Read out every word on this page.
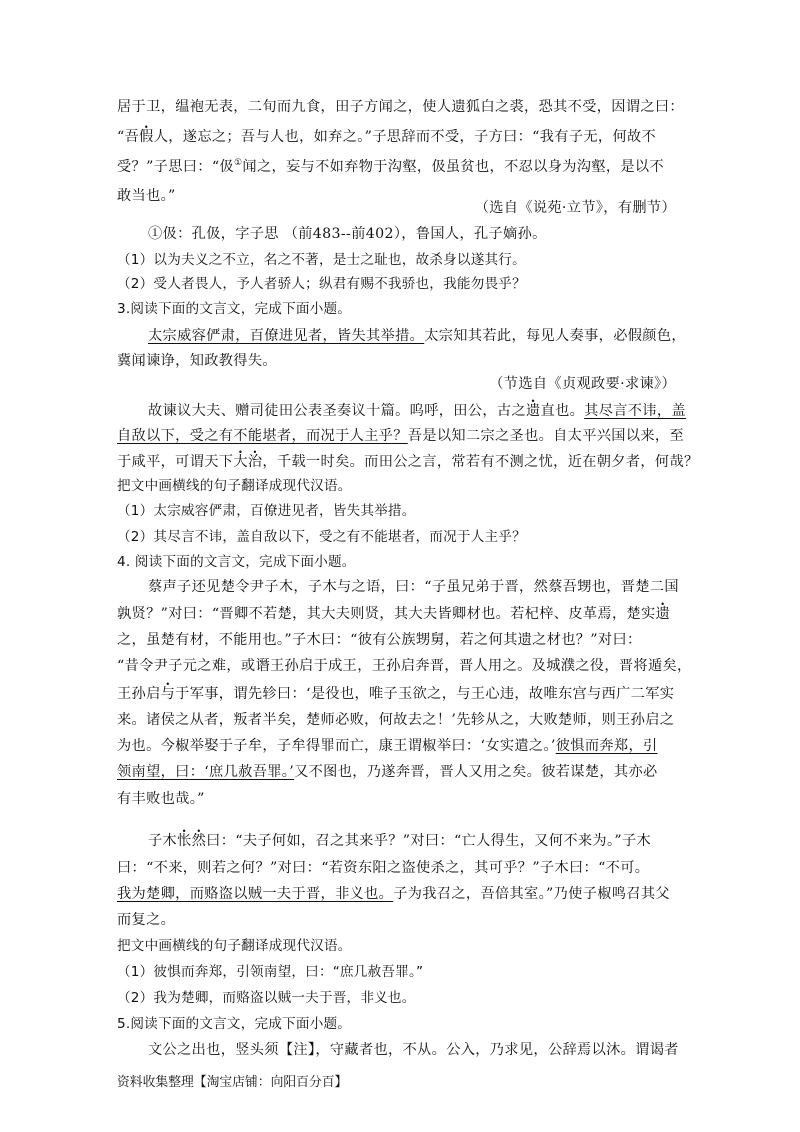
居于卫，缊袍无表，二旬而九食，田子方闻之，使人遗狐白之裘，恐其不受，因谓之曰：
“吾假人，遂忘之；吾与人也，如弃之。”子思辞而不受，子方曰：“我有子无，何故不
受？”子思曰：“伋①闻之，妄与不如弃物于沟壑，伋虽贫也，不忍以身为沟壑，是以不
敢当也。”
（选自《说苑·立节》，有删节）
①伋：孔伋，字子思 （前483--前402），鲁国人，孔子嫡孙。
（1）以为夫义之不立，名之不著，是士之耻也，故杀身以遂其行。
（2）受人者畏人，予人者骄人；纵君有赐不我骄也，我能勿畏乎？
3.阅读下面的文言文，完成下面小题。
太宗威容俨肃，百僚进见者，皆失其举措。太宗知其若此，每见人奏事，必假颜色，
冀闻谏诤，知政教得失。
（节选自《贞观政要·求谏》）
故谏议大夫、赠司徒田公表圣奏议十篇。呜呼，田公，古之遗直也。其尽言不讳，盖
自敌以下，受之有不能堪者，而况于人主乎？吾是以知二宗之圣也。自太平兴国以来，至
于咸平，可谓天下大治，千载一时矣。而田公之言，常若有不测之忧，近在朝夕者，何哉？
把文中画横线的句子翻译成现代汉语。
（1）太宗威容俨肃，百僚进见者，皆失其举措。
（2）其尽言不讳，盖自敌以下，受之有不能堪者，而况于人主乎？
4. 阅读下面的文言文，完成下面小题。
蔡声子还见楚令尹子木，子木与之语，曰：“子虽兄弟于晋，然蔡吾甥也，晋楚二国
孰贤？”对曰：“晋卿不若楚，其大夫则贤，其大夫皆卿材也。若杞梓、皮革焉，楚实遗
之，虽楚有材，不能用也。”子木曰：“彼有公族甥舅，若之何其遗之材也？”对曰：
“昔令尹子元之难，或谮王孙启于成王，王孙启奔晋，晋人用之。及城濮之役，晋将遁矣，
王孙启与于军事，谓先轸曰：‘是役也，唯子玉欲之，与王心违，故唯东宫与西广二军实
来。诸侯之从者，叛者半矣，楚师必败，何故去之！’先轸从之，大败楚师，则王孙启之
为也。今椒举娶于子牟，子牟得罪而亡，康王谓椒举曰：‘女实遣之。’彼惧而奔郑，引
领南望，曰：‘庶几赦吾罪。’又不图也，乃遂奔晋，晋人又用之矣。彼若谋楚，其亦必
有丰败也哉。”
子木怅然曰：“夫子何如，召之其来乎？”对曰：“亡人得生，又何不来为。”子木
曰：“不来，则若之何？”对曰：“若资东阳之盗使杀之，其可乎？”子木曰：“不可。
我为楚卿，而赂盗以贼一夫于晋，非义也。子为我召之，吾倍其室。”乃使子椒鸣召其父
而复之。
把文中画横线的句子翻译成现代汉语。
（1）彼惧而奔郑，引领南望，曰：“庶几赦吾罪。”
（2）我为楚卿，而赂盗以贼一夫于晋，非义也。
5.阅读下面的文言文，完成下面小题。
文公之出也，竖头须【注】，守藏者也，不从。公入，乃求见，公辞焉以沐。谓谒者
资料收集整理【淘宝店铺：向阳百分百】
